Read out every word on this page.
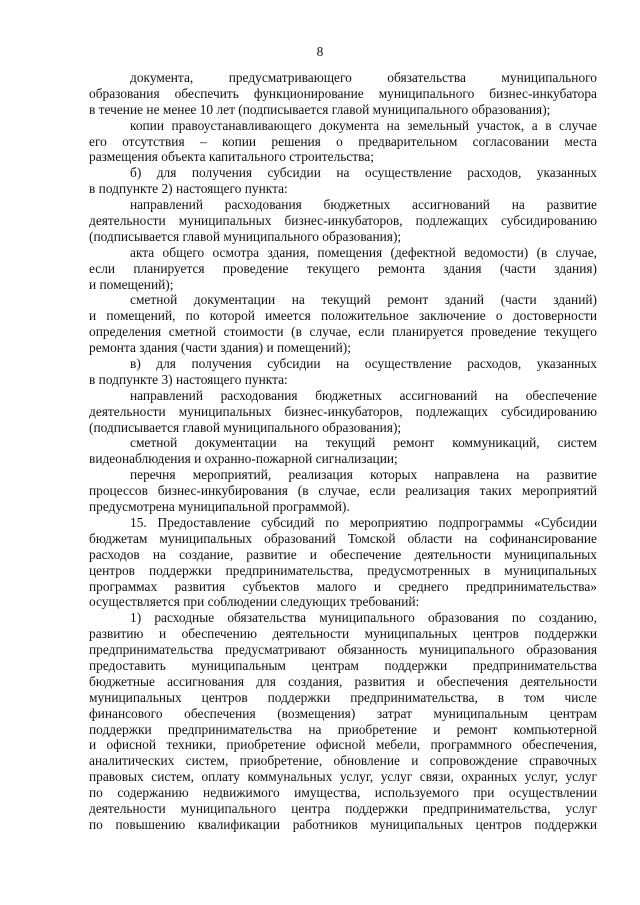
8
документа, предусматривающего обязательства муниципального
образования обеспечить функционирование муниципального бизнес-инкубатора
в течение не менее 10 лет (подписывается главой муниципального образования);
копии правоустанавливающего документа на земельный участок, а в случае
его отсутствия – копии решения о предварительном согласовании места
размещения объекта капитального строительства;
б) для получения субсидии на осуществление расходов, указанных
в подпункте 2) настоящего пункта:
направлений расходования бюджетных ассигнований на развитие
деятельности муниципальных бизнес-инкубаторов, подлежащих субсидированию
(подписывается главой муниципального образования);
акта общего осмотра здания, помещения (дефектной ведомости) (в случае,
если планируется проведение текущего ремонта здания (части здания)
и помещений);
сметной документации на текущий ремонт зданий (части зданий)
и помещений, по которой имеется положительное заключение о достоверности
определения сметной стоимости (в случае, если планируется проведение текущего
ремонта здания (части здания) и помещений);
в) для получения субсидии на осуществление расходов, указанных
в подпункте 3) настоящего пункта:
направлений расходования бюджетных ассигнований на обеспечение
деятельности муниципальных бизнес-инкубаторов, подлежащих субсидированию
(подписывается главой муниципального образования);
сметной документации на текущий ремонт коммуникаций, систем
видеонаблюдения и охранно-пожарной сигнализации;
перечня мероприятий, реализация которых направлена на развитие
процессов бизнес-инкубирования (в случае, если реализация таких мероприятий
предусмотрена муниципальной программой).
15. Предоставление субсидий по мероприятию подпрограммы «Субсидии
бюджетам муниципальных образований Томской области на софинансирование
расходов на создание, развитие и обеспечение деятельности муниципальных
центров поддержки предпринимательства, предусмотренных в муниципальных
программах развития субъектов малого и среднего предпринимательства»
осуществляется при соблюдении следующих требований:
1) расходные обязательства муниципального образования по созданию,
развитию и обеспечению деятельности муниципальных центров поддержки
предпринимательства предусматривают обязанность муниципального образования
предоставить муниципальным центрам поддержки предпринимательства
бюджетные ассигнования для создания, развития и обеспечения деятельности
муниципальных центров поддержки предпринимательства, в том числе
финансового обеспечения (возмещения) затрат муниципальным центрам
поддержки предпринимательства на приобретение и ремонт компьютерной
и офисной техники, приобретение офисной мебели, программного обеспечения,
аналитических систем, приобретение, обновление и сопровождение справочных
правовых систем, оплату коммунальных услуг, услуг связи, охранных услуг, услуг
по содержанию недвижимого имущества, используемого при осуществлении
деятельности муниципального центра поддержки предпринимательства, услуг
по повышению квалификации работников муниципальных центров поддержки
